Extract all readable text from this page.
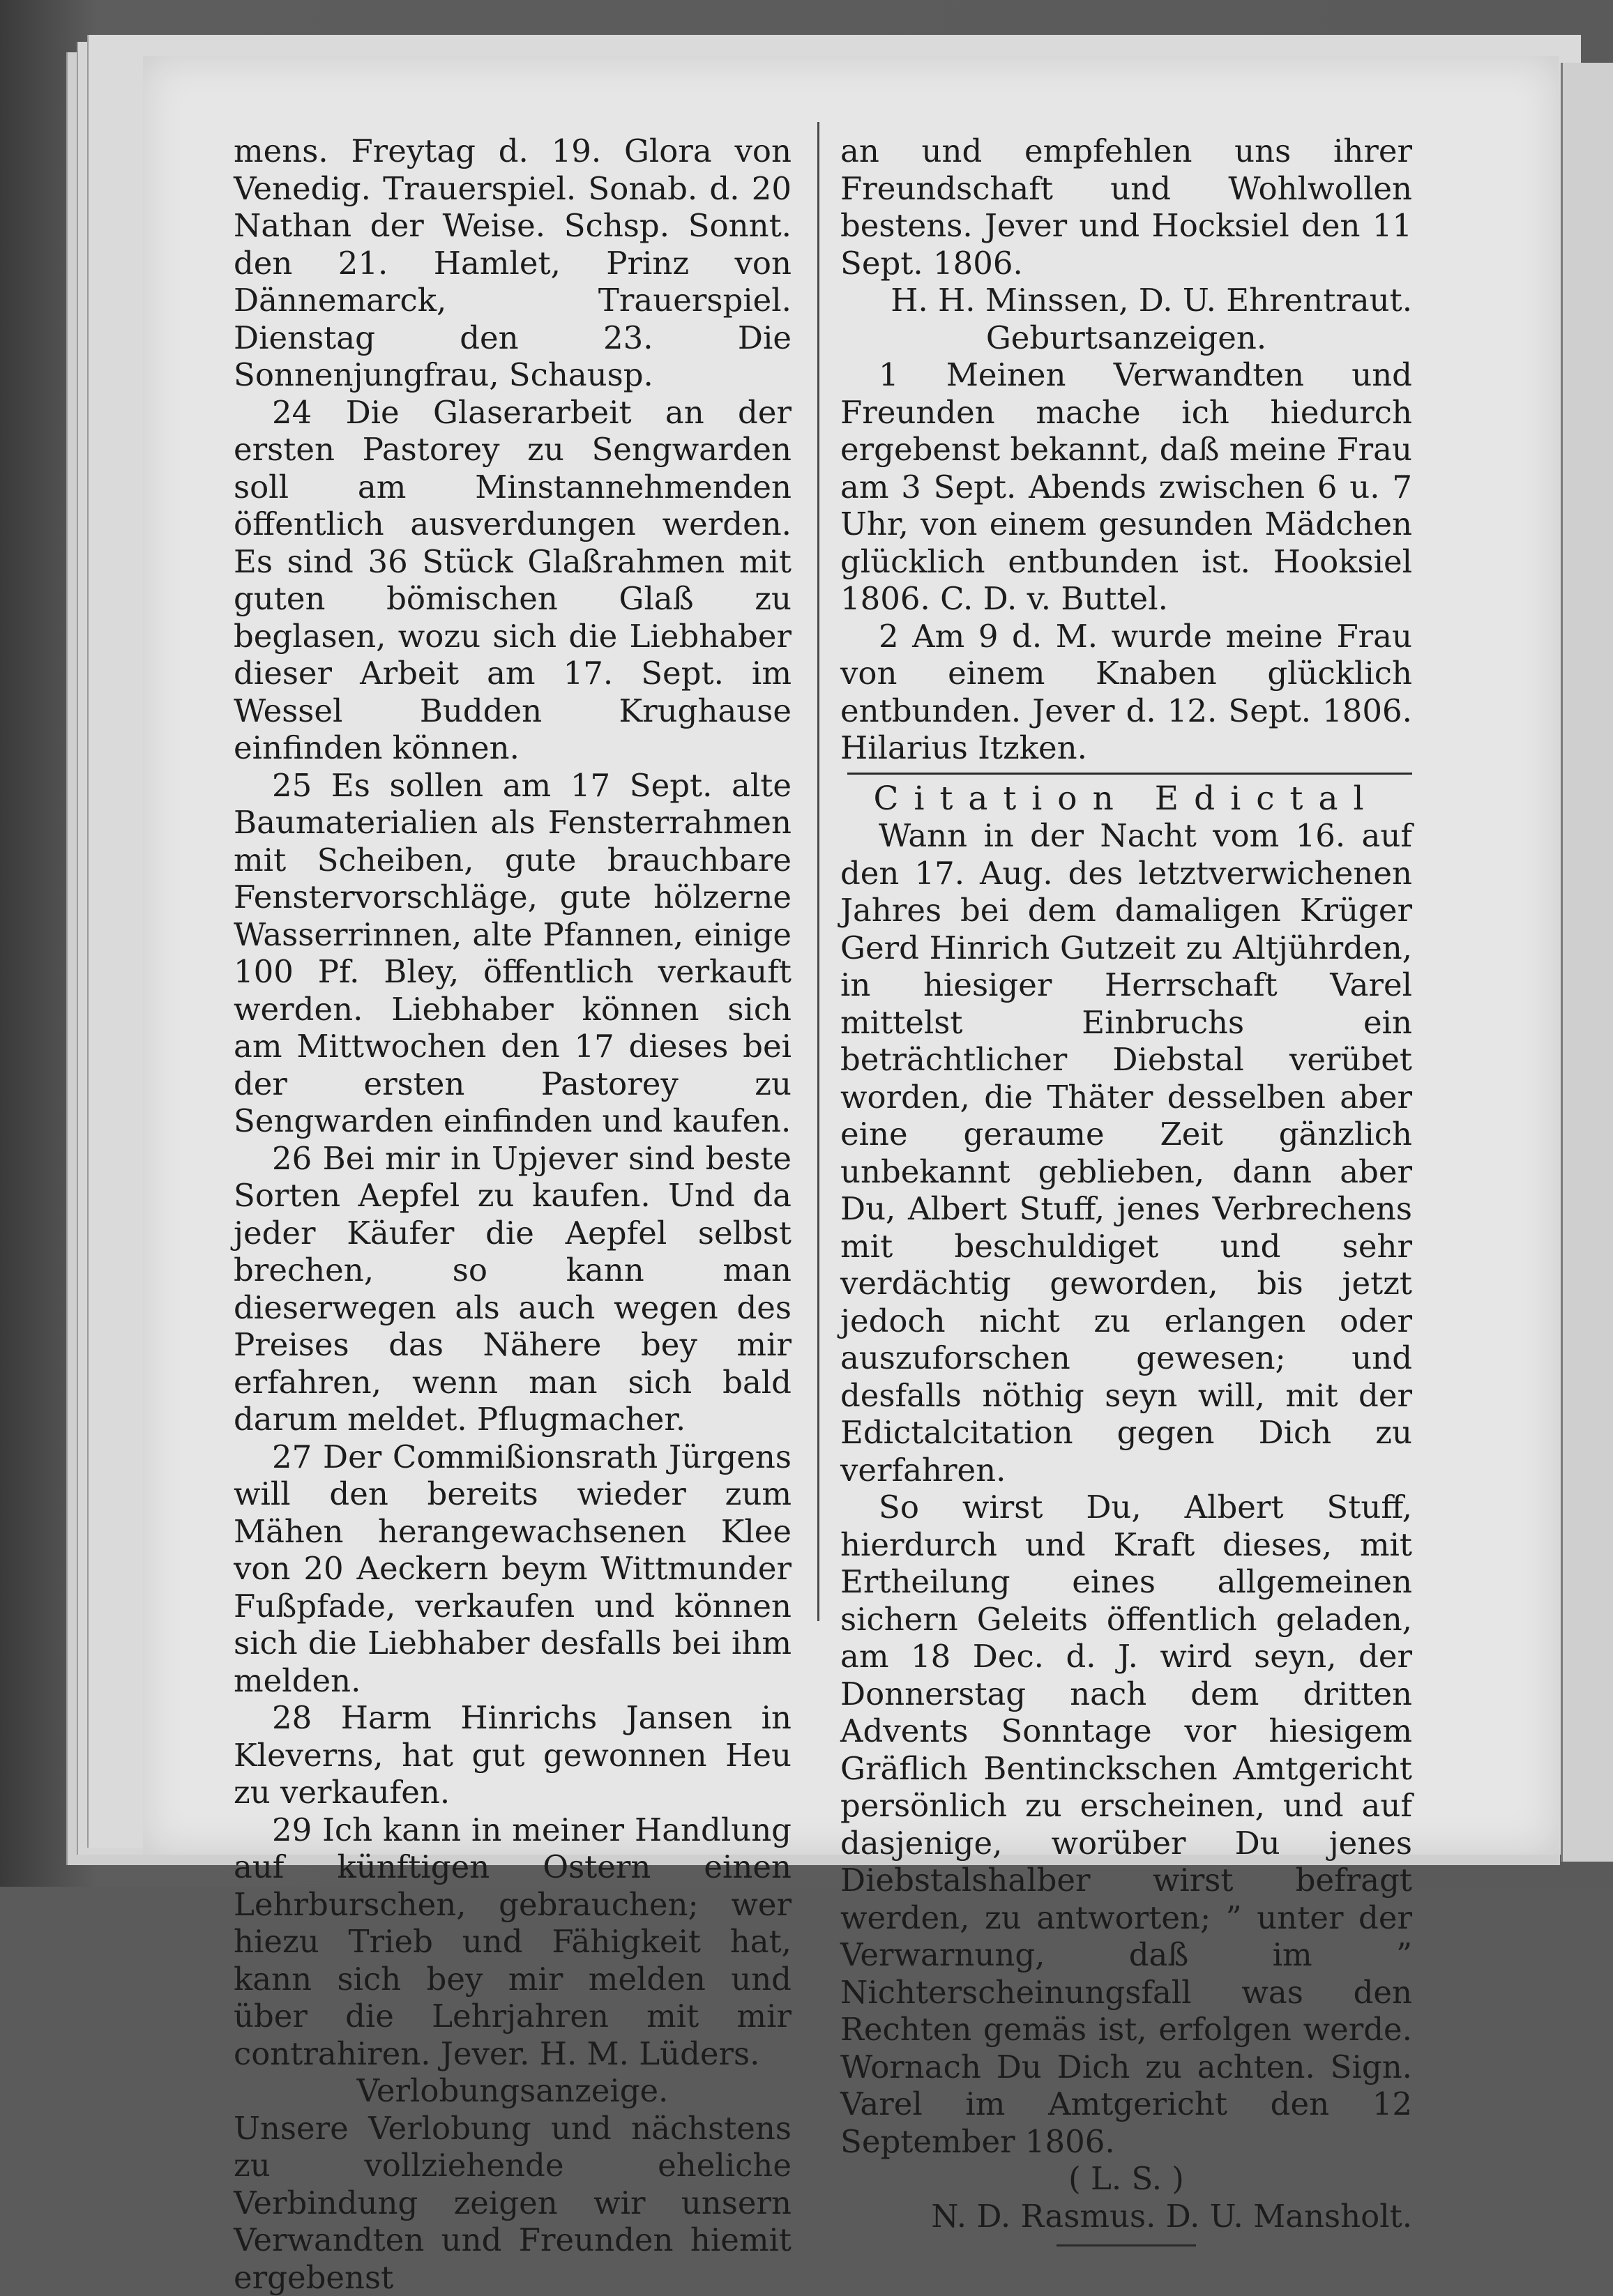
mens. Freytag d. 19. Glora von Venedig. Trauerspiel. Sonab. d. 20 Nathan der Weise. Schsp. Sonnt. den 21. Hamlet, Prinz von Dännemarck, Trauerspiel. Dienstag den 23. Die Sonnenjungfrau, Schausp.

24 Die Glaserarbeit an der ersten Pastorey zu Sengwarden soll am Minstannehmenden öffentlich ausverdungen werden. Es sind 36 Stück Glaßrahmen mit guten bömischen Glaß zu beglasen, wozu sich die Liebhaber dieser Arbeit am 17. Sept. im Wessel Budden Krughause einfinden können.

25 Es sollen am 17 Sept. alte Baumaterialien als Fensterrahmen mit Scheiben, gute brauchbare Fenstervorschläge, gute hölzerne Wasserrinnen, alte Pfannen, einige 100 Pf. Bley, öffentlich verkauft werden. Liebhaber können sich am Mittwochen den 17 dieses bei der ersten Pastorey zu Sengwarden einfinden und kaufen.

26 Bei mir in Upjever sind beste Sorten Aepfel zu kaufen. Und da jeder Käufer die Aepfel selbst brechen, so kann man dieserwegen als auch wegen des Preises das Nähere bey mir erfahren, wenn man sich bald darum meldet. Pflugmacher.

27 Der Commißionsrath Jürgens will den bereits wieder zum Mähen herangewachsenen Klee von 20 Aeckern beym Wittmunder Fußpfade, verkaufen und können sich die Liebhaber desfalls bei ihm melden.

28 Harm Hinrichs Jansen in Kleverns, hat gut gewonnen Heu zu verkaufen.

29 Ich kann in meiner Handlung auf künftigen Ostern einen Lehrburschen, gebrauchen; wer hiezu Trieb und Fähigkeit hat, kann sich bey mir melden und über die Lehrjahren mit mir contrahiren. Jever. H. M. Lüders.

Verlobungsanzeige.

Unsere Verlobung und nächstens zu vollziehende eheliche Verbindung zeigen wir unsern Verwandten und Freunden hiemit ergebenst

an und empfehlen uns ihrer Freundschaft und Wohlwollen bestens. Jever und Hocksiel den 11 Sept. 1806.

H. H. Minssen, D. U. Ehrentraut.

Geburtsanzeigen.

1 Meinen Verwandten und Freunden mache ich hiedurch ergebenst bekannt, daß meine Frau am 3 Sept. Abends zwischen 6 u. 7 Uhr, von einem gesunden Mädchen glücklich entbunden ist. Hooksiel 1806. C. D. v. Buttel.

2 Am 9 d. M. wurde meine Frau von einem Knaben glücklich entbunden. Jever d. 12. Sept. 1806. Hilarius Itzken.

Citation Edictal

Wann in der Nacht vom 16. auf den 17. Aug. des letztverwichenen Jahres bei dem damaligen Krüger Gerd Hinrich Gutzeit zu Altjührden, in hiesiger Herrschaft Varel mittelst Einbruchs ein beträchtlicher Diebstal verübet worden, die Thäter desselben aber eine geraume Zeit gänzlich unbekannt geblieben, dann aber Du, Albert Stuff, jenes Verbrechens mit beschuldiget und sehr verdächtig geworden, bis jetzt jedoch nicht zu erlangen oder auszuforschen gewesen; und desfalls nöthig seyn will, mit der Edictalcitation gegen Dich zu verfahren.

So wirst Du, Albert Stuff, hierdurch und Kraft dieses, mit Ertheilung eines allgemeinen sichern Geleits öffentlich geladen, am 18 Dec. d. J. wird seyn, der Donnerstag nach dem dritten Advents Sonntage vor hiesigem Gräflich Bentinckschen Amtgericht persönlich zu erscheinen, und auf dasjenige, worüber Du jenes Diebstalshalber wirst befragt werden, zu antworten; ” unter der Verwarnung, daß im ” Nichterscheinungsfall was den Rechten gemäs ist, erfolgen werde. Wornach Du Dich zu achten. Sign. Varel im Amtgericht den 12 September 1806.

( L. S. )

N. D. Rasmus. D. U. Mansholt.
